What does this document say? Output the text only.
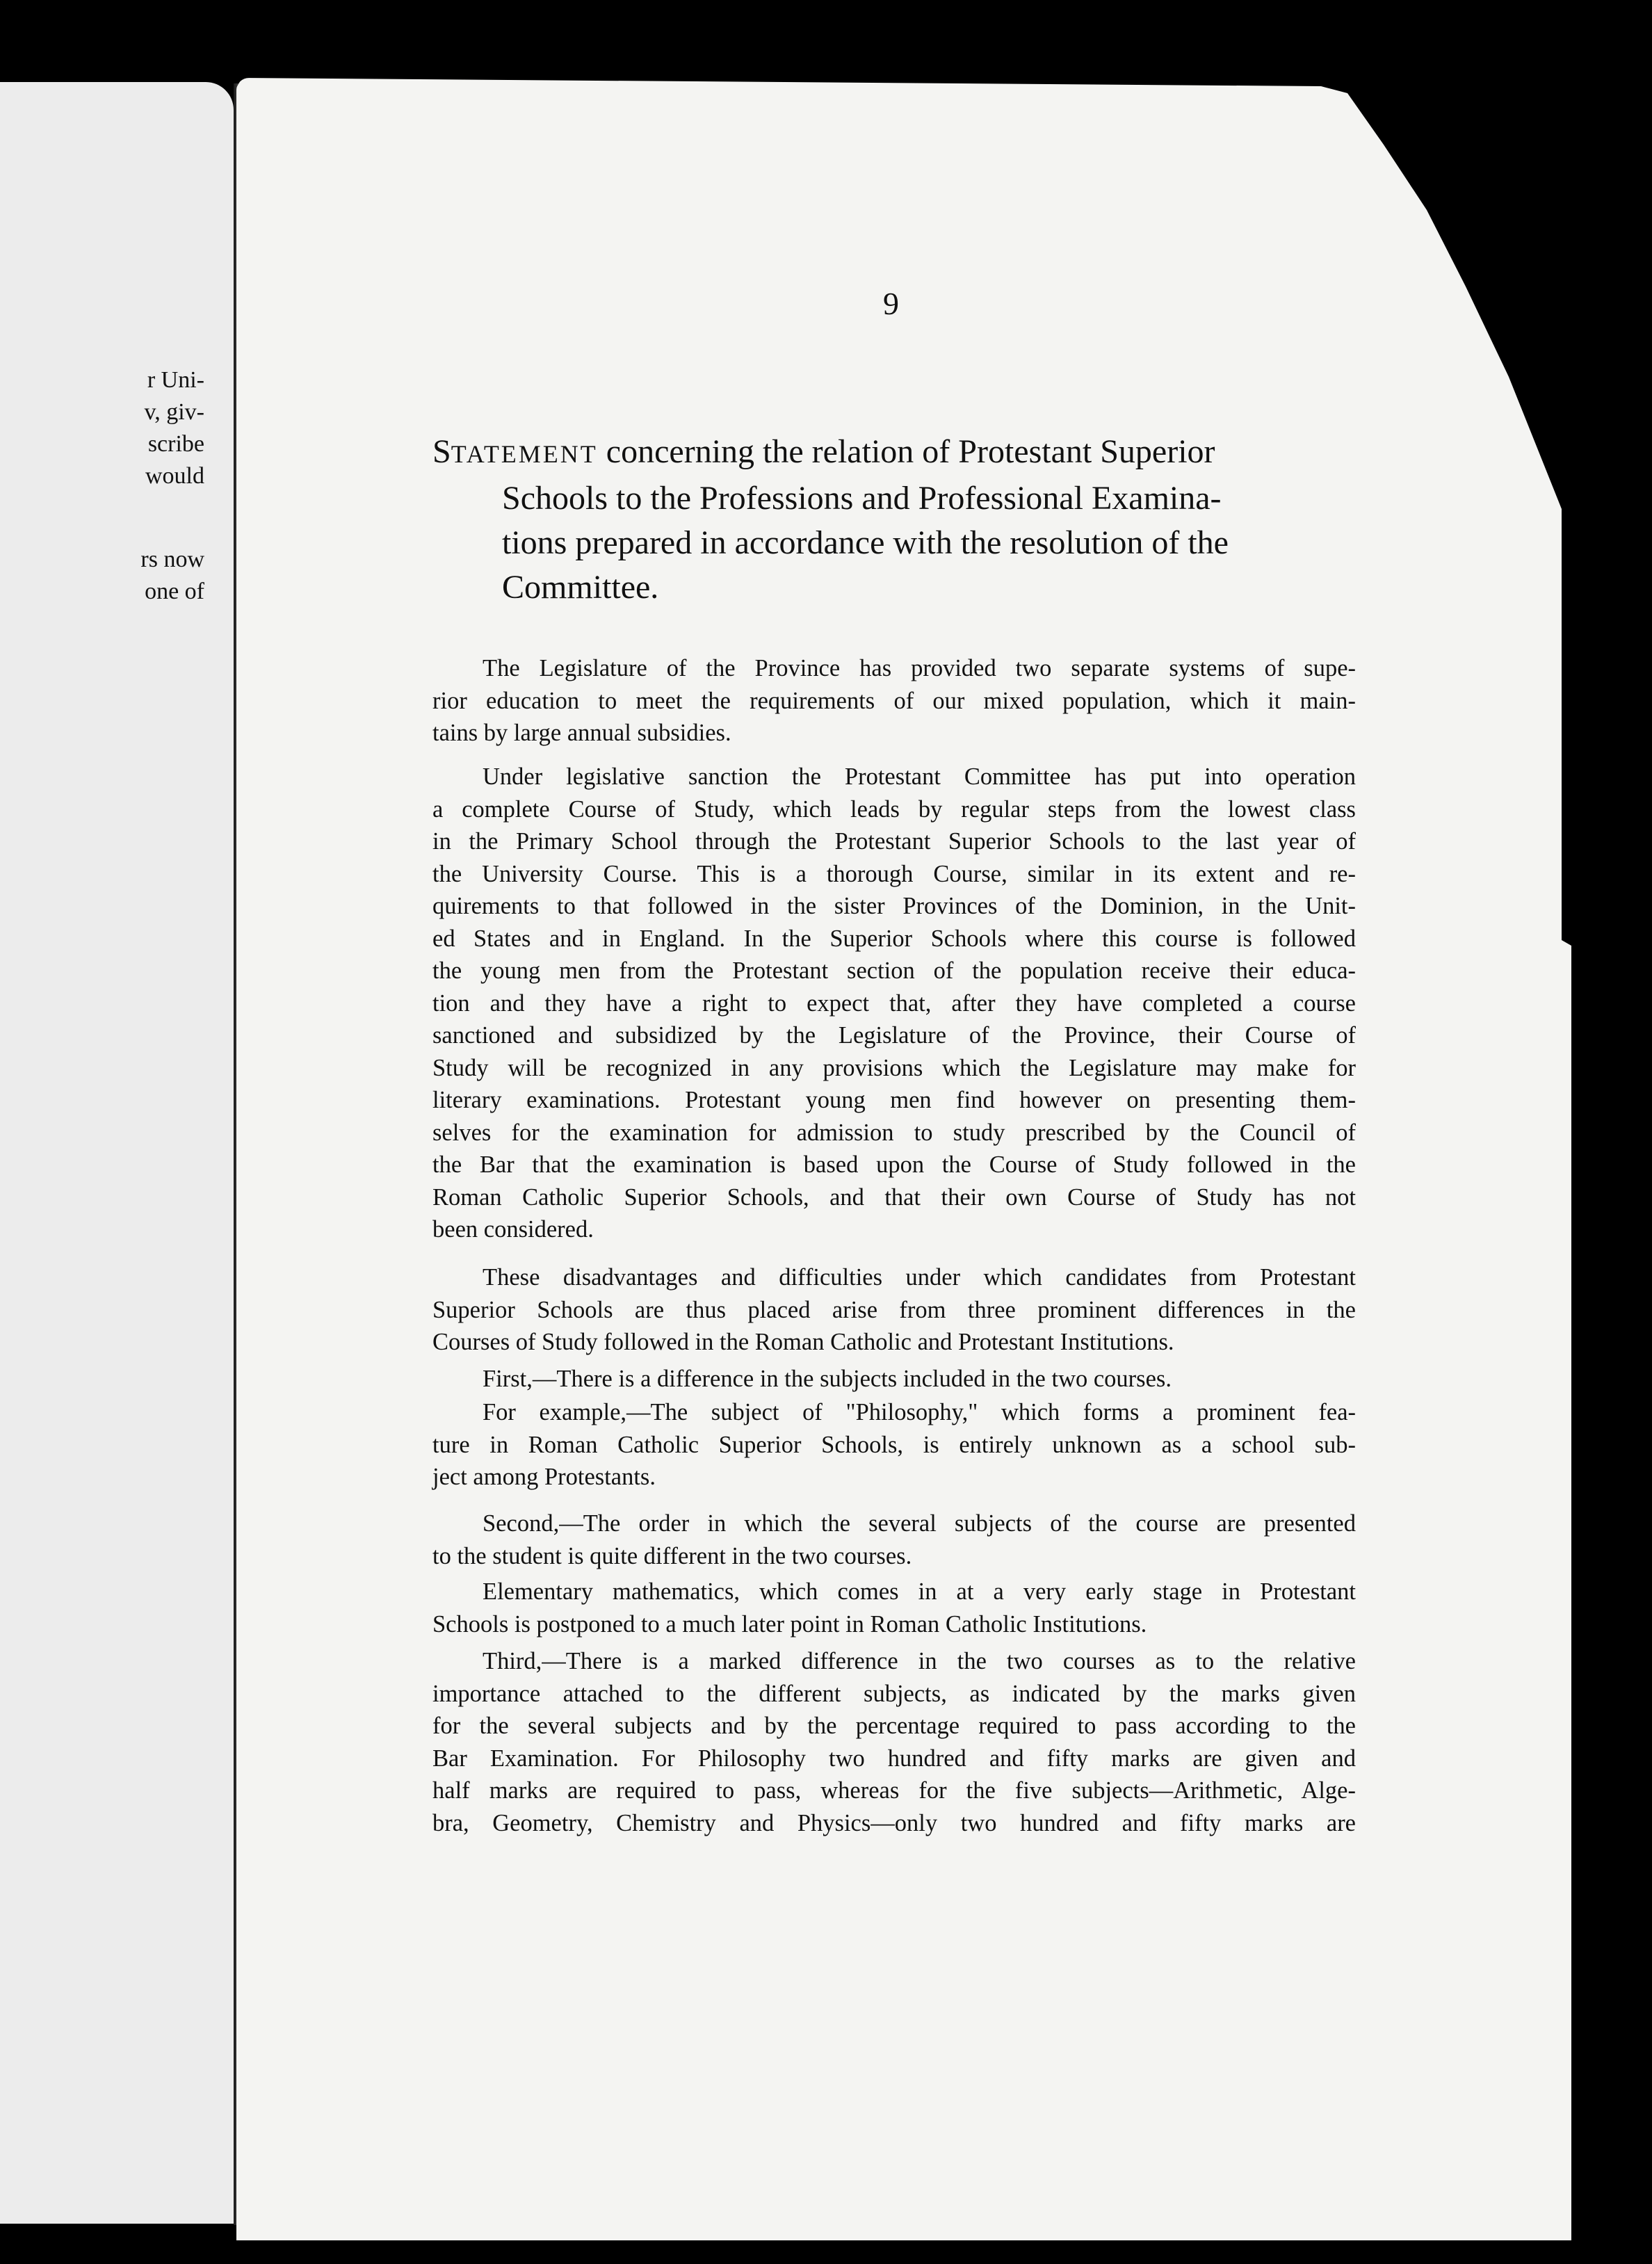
r Uni-
v, giv-
scribe
would
rs now
one of
9
STATEMENT concerning the relation of Protestant Superior
Schools to the Professions and Professional Examina-
tions prepared in accordance with the resolution of the
Committee.

The Legislature of the Province has provided two separate systems of supe-

rior education to meet the requirements of our mixed population, which it main-

tains by large annual subsidies.

Under legislative sanction the Protestant Committee has put into operation

a complete Course of Study, which leads by regular steps from the lowest class

in the Primary School through the Protestant Superior Schools to the last year of

the University Course. This is a thorough Course, similar in its extent and re-

quirements to that followed in the sister Provinces of the Dominion, in the Unit-

ed States and in England. In the Superior Schools where this course is followed

the young men from the Protestant section of the population receive their educa-

tion and they have a right to expect that, after they have completed a course

sanctioned and subsidized by the Legislature of the Province, their Course of

Study will be recognized in any provisions which the Legislature may make for

literary examinations. Protestant young men find however on presenting them-

selves for the examination for admission to study prescribed by the Council of

the Bar that the examination is based upon the Course of Study followed in the

Roman Catholic Superior Schools, and that their own Course of Study has not

been considered.

These disadvantages and difficulties under which candidates from Protestant

Superior Schools are thus placed arise from three prominent differences in the

Courses of Study followed in the Roman Catholic and Protestant Institutions.

First,—There is a difference in the subjects included in the two courses.

For example,—The subject of "Philosophy," which forms a prominent fea-

ture in Roman Catholic Superior Schools, is entirely unknown as a school sub-

ject among Protestants.

Second,—The order in which the several subjects of the course are presented

to the student is quite different in the two courses.

Elementary mathematics, which comes in at a very early stage in Protestant

Schools is postponed to a much later point in Roman Catholic Institutions.

Third,—There is a marked difference in the two courses as to the relative

importance attached to the different subjects, as indicated by the marks given

for the several subjects and by the percentage required to pass according to the

Bar Examination. For Philosophy two hundred and fifty marks are given and

half marks are required to pass, whereas for the five subjects—Arithmetic, Alge-

bra, Geometry, Chemistry and Physics—only two hundred and fifty marks are
